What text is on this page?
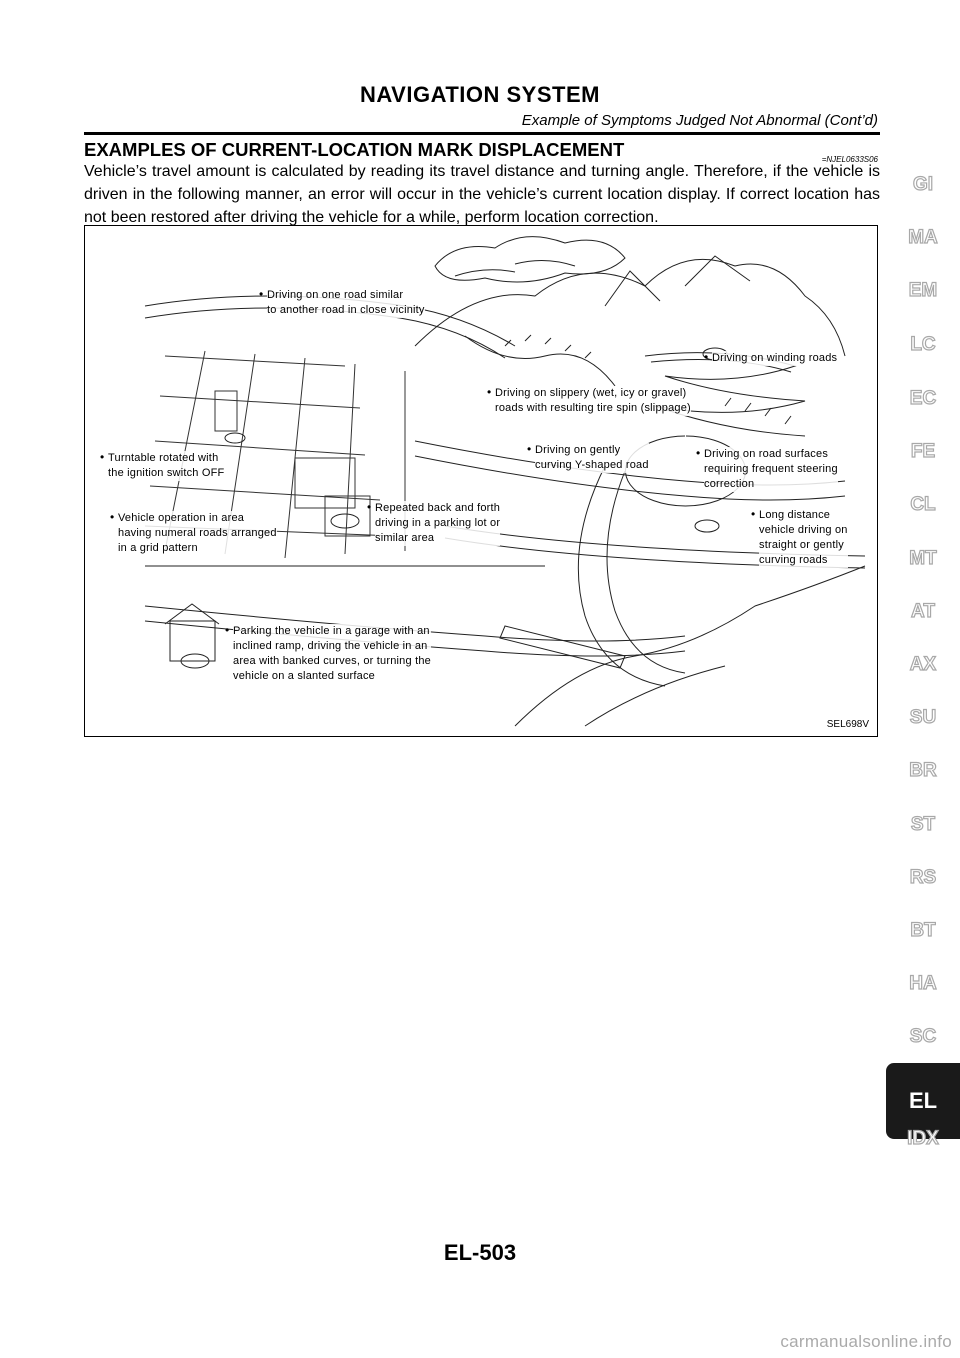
NAVIGATION SYSTEM
Example of Symptoms Judged Not Abnormal (Cont’d)
EXAMPLES OF CURRENT-LOCATION MARK DISPLACEMENT	=NJEL0633S06
Vehicle’s travel amount is calculated by reading its travel distance and turning angle. Therefore, if the vehicle is driven in the following manner, an error will occur in the vehicle’s current location display. If correct location has not been restored after driving the vehicle for a while, perform location correction.
• Driving on one road similar
to another road in close vicinity
• Driving on winding roads
• Driving on slippery (wet, icy or gravel)
roads with resulting tire spin (slippage)
• Turntable rotated with
the ignition switch OFF
• Driving on gently
curving Y-shaped road
• Driving on road surfaces
requiring frequent steering
correction
• Vehicle operation in area
having numeral roads arranged
in a grid pattern
• Repeated back and forth
driving in a parking lot or
similar area
• Long distance
vehicle driving on
straight or gently
curving roads
• Parking the vehicle in a garage with an
inclined ramp, driving the vehicle in an
area with banked curves, or turning the
vehicle on a slanted surface
SEL698V
GI
MA
EM
LC
EC
FE
CL
MT
AT
AX
SU
BR
ST
RS
BT
HA
SC
EL
IDX
EL-503
carmanualsonline.info
